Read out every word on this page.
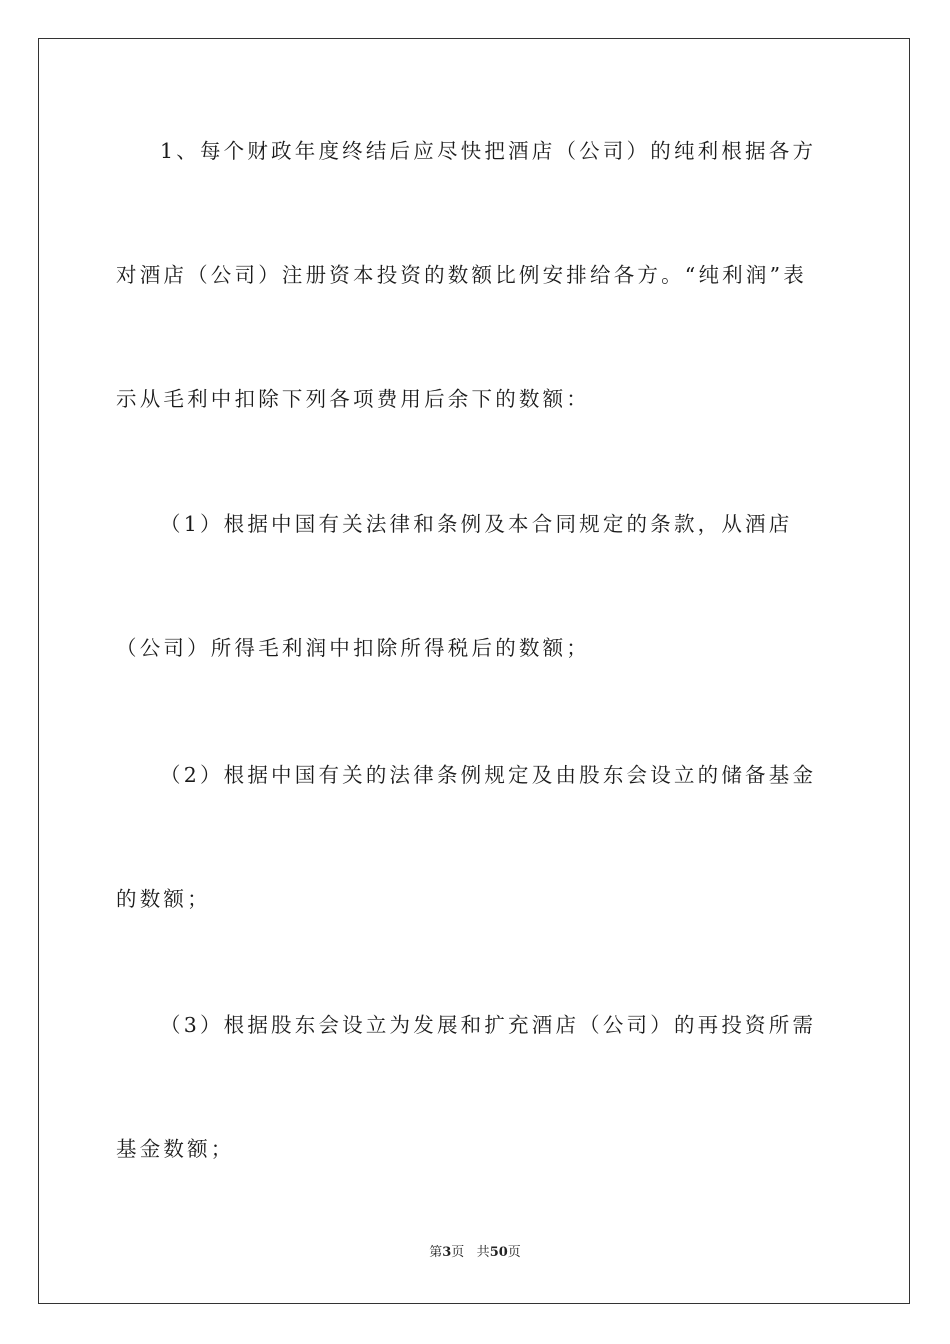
1、每个财政年度终结后应尽快把酒店（公司）的纯利根据各方
对酒店（公司）注册资本投资的数额比例安排给各方。“纯利润”表
示从毛利中扣除下列各项费用后余下的数额：
（1）根据中国有关法律和条例及本合同规定的条款，从酒店
（公司）所得毛利润中扣除所得税后的数额；
（2）根据中国有关的法律条例规定及由股东会设立的储备基金
的数额；
（3）根据股东会设立为发展和扩充酒店（公司）的再投资所需
基金数额；
第3页 共50页
